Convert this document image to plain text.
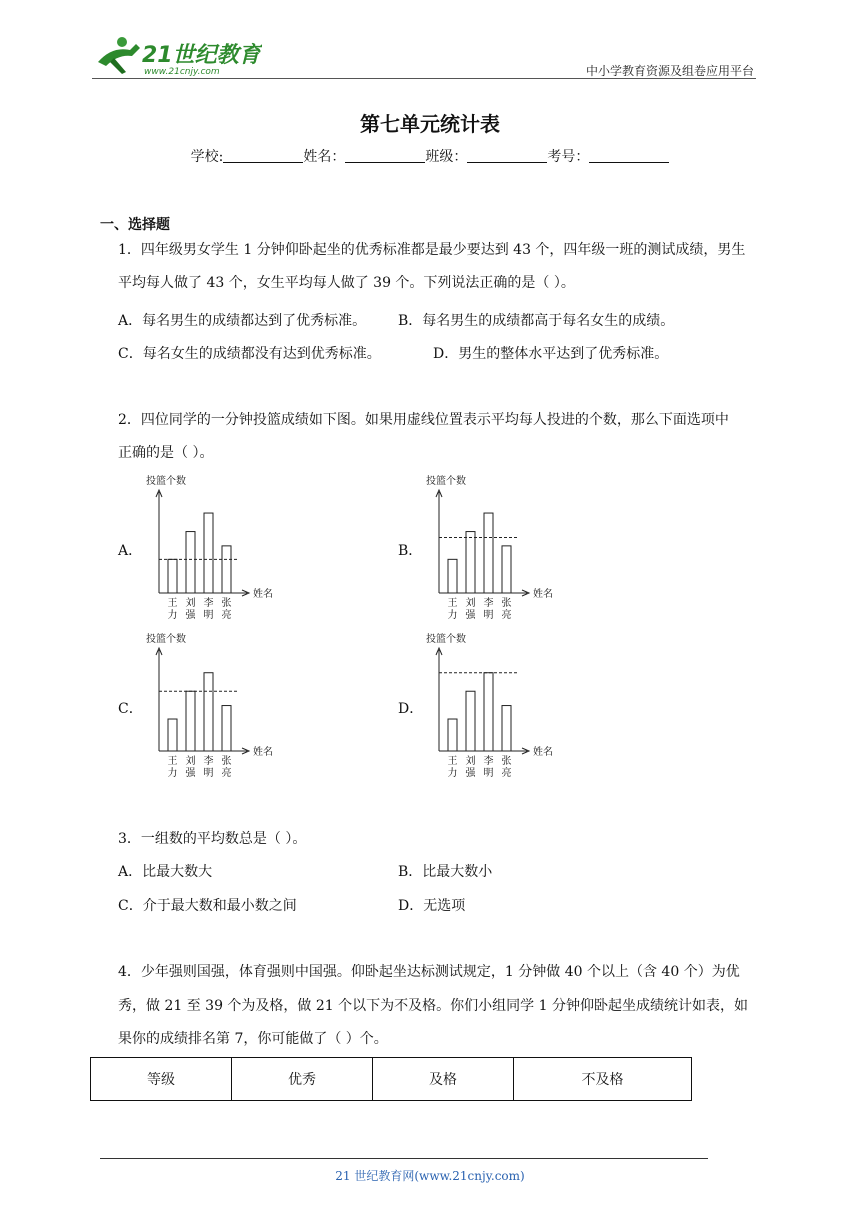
21世纪教育
www.21cnjy.com	中小学教育资源及组卷应用平台
第七单元统计表
学校:	姓名：	班级：	考号：
一、选择题
1．四年级男女学生 1 分钟仰卧起坐的优秀标准都是最少要达到 43 个，四年级一班的测试成绩，男生
平均每人做了 43 个，女生平均每人做了 39 个。下列说法正确的是（ ）。
A．每名男生的成绩都达到了优秀标准。 B．每名男生的成绩都高于每名女生的成绩。
C．每名女生的成绩都没有达到优秀标准。	D．男生的整体水平达到了优秀标准。
2．四位同学的一分钟投篮成绩如下图。如果用虚线位置表示平均每人投进的个数，那么下面选项中
正确的是（ ）。
A．	B．
C．	D．
投篮个数
姓名
王
力
刘
强
李
明
张
亮
投篮个数
姓名
王
力
刘
强
李
明
张
亮
投篮个数
姓名
王
力
刘
强
李
明
张
亮
投篮个数
姓名
王
力
刘
强
李
明
张
亮
3．一组数的平均数总是（ ）。
A．比最大数大	B．比最大数小
C．介于最大数和最小数之间	D．无选项
4．少年强则国强，体育强则中国强。仰卧起坐达标测试规定，1 分钟做 40 个以上（含 40 个）为优
秀，做 21 至 39 个为及格，做 21 个以下为不及格。你们小组同学 1 分钟仰卧起坐成绩统计如表，如
果你的成绩排名第 7，你可能做了（ ）个。
等级	优秀	及格	不及格
21 世纪教育网(www.21cnjy.com)
